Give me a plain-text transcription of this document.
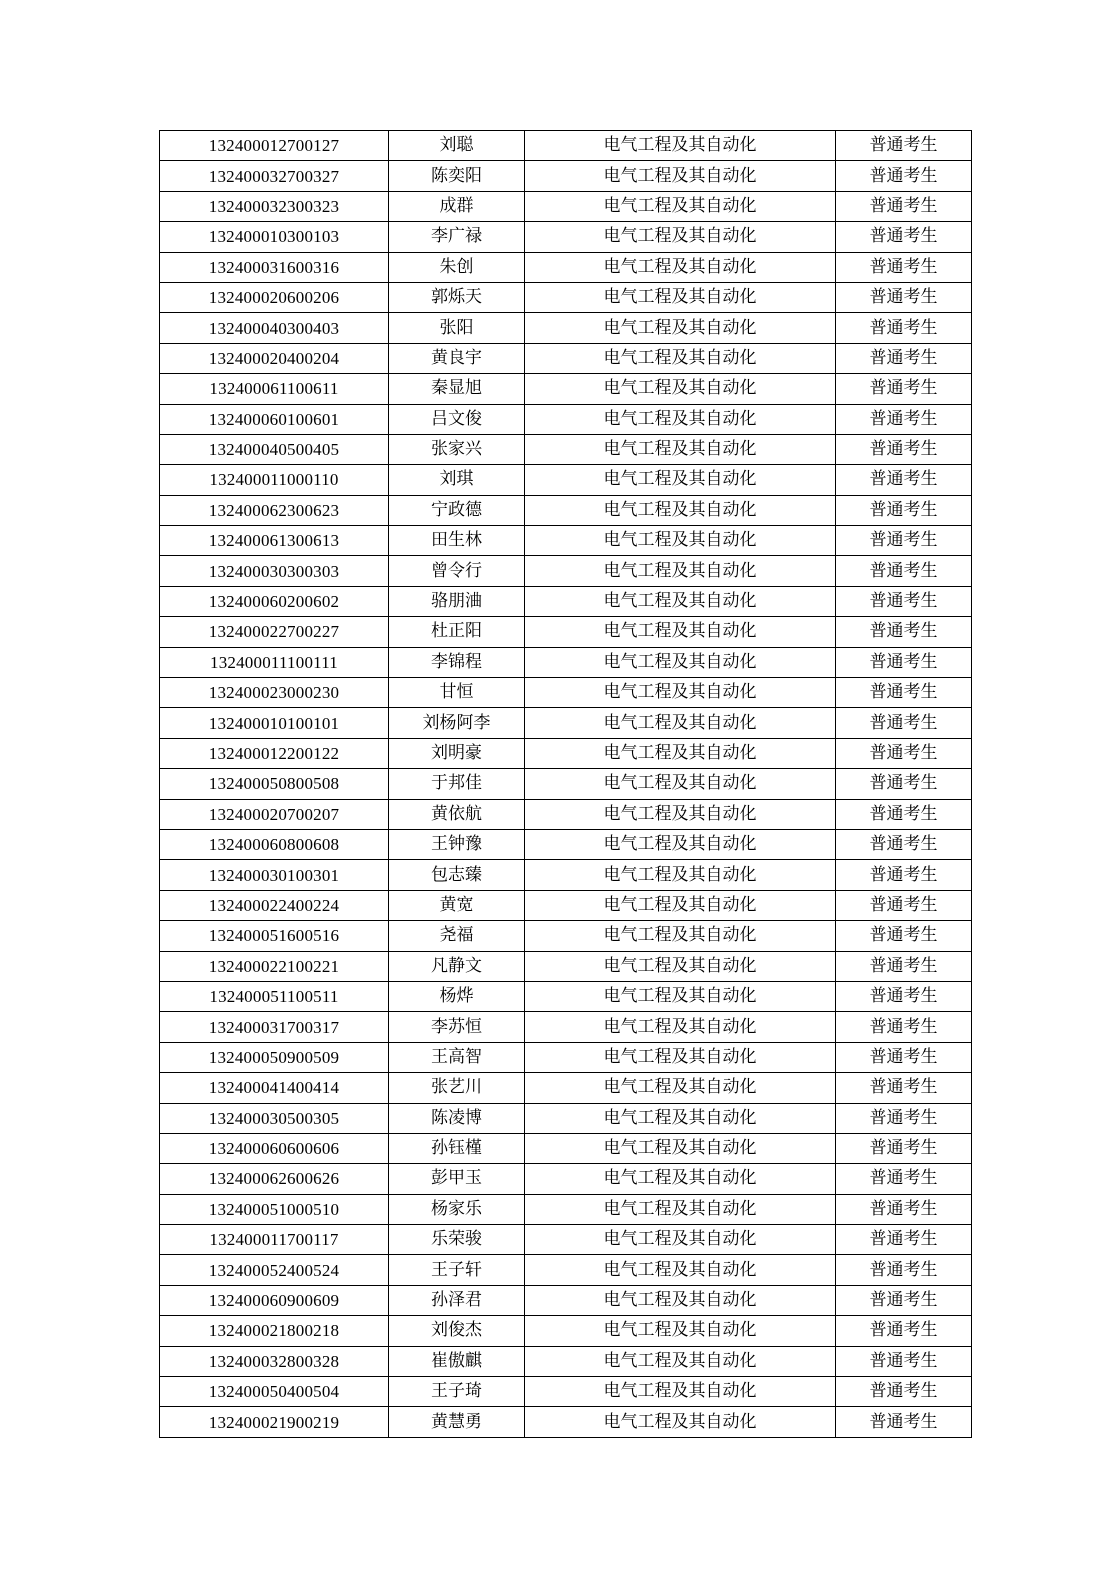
132400012700127	刘聪	电气工程及其自动化	普通考生
132400032700327	陈奕阳	电气工程及其自动化	普通考生
132400032300323	成群	电气工程及其自动化	普通考生
132400010300103	李广禄	电气工程及其自动化	普通考生
132400031600316	朱创	电气工程及其自动化	普通考生
132400020600206	郭烁天	电气工程及其自动化	普通考生
132400040300403	张阳	电气工程及其自动化	普通考生
132400020400204	黄良宇	电气工程及其自动化	普通考生
132400061100611	秦显旭	电气工程及其自动化	普通考生
132400060100601	吕文俊	电气工程及其自动化	普通考生
132400040500405	张家兴	电气工程及其自动化	普通考生
132400011000110	刘琪	电气工程及其自动化	普通考生
132400062300623	宁政德	电气工程及其自动化	普通考生
132400061300613	田生林	电气工程及其自动化	普通考生
132400030300303	曾令行	电气工程及其自动化	普通考生
132400060200602	骆朋浀	电气工程及其自动化	普通考生
132400022700227	杜正阳	电气工程及其自动化	普通考生
132400011100111	李锦程	电气工程及其自动化	普通考生
132400023000230	甘恒	电气工程及其自动化	普通考生
132400010100101	刘杨阿李	电气工程及其自动化	普通考生
132400012200122	刘明豪	电气工程及其自动化	普通考生
132400050800508	于邦佳	电气工程及其自动化	普通考生
132400020700207	黄依航	电气工程及其自动化	普通考生
132400060800608	王钟豫	电气工程及其自动化	普通考生
132400030100301	包志臻	电气工程及其自动化	普通考生
132400022400224	黄宽	电气工程及其自动化	普通考生
132400051600516	尧福	电气工程及其自动化	普通考生
132400022100221	凡静文	电气工程及其自动化	普通考生
132400051100511	杨烨	电气工程及其自动化	普通考生
132400031700317	李苏恒	电气工程及其自动化	普通考生
132400050900509	王高智	电气工程及其自动化	普通考生
132400041400414	张艺川	电气工程及其自动化	普通考生
132400030500305	陈凌博	电气工程及其自动化	普通考生
132400060600606	孙钰槿	电气工程及其自动化	普通考生
132400062600626	彭甲玉	电气工程及其自动化	普通考生
132400051000510	杨家乐	电气工程及其自动化	普通考生
132400011700117	乐荣骏	电气工程及其自动化	普通考生
132400052400524	王子轩	电气工程及其自动化	普通考生
132400060900609	孙泽君	电气工程及其自动化	普通考生
132400021800218	刘俊杰	电气工程及其自动化	普通考生
132400032800328	崔傲麒	电气工程及其自动化	普通考生
132400050400504	王子琦	电气工程及其自动化	普通考生
132400021900219	黄慧勇	电气工程及其自动化	普通考生
